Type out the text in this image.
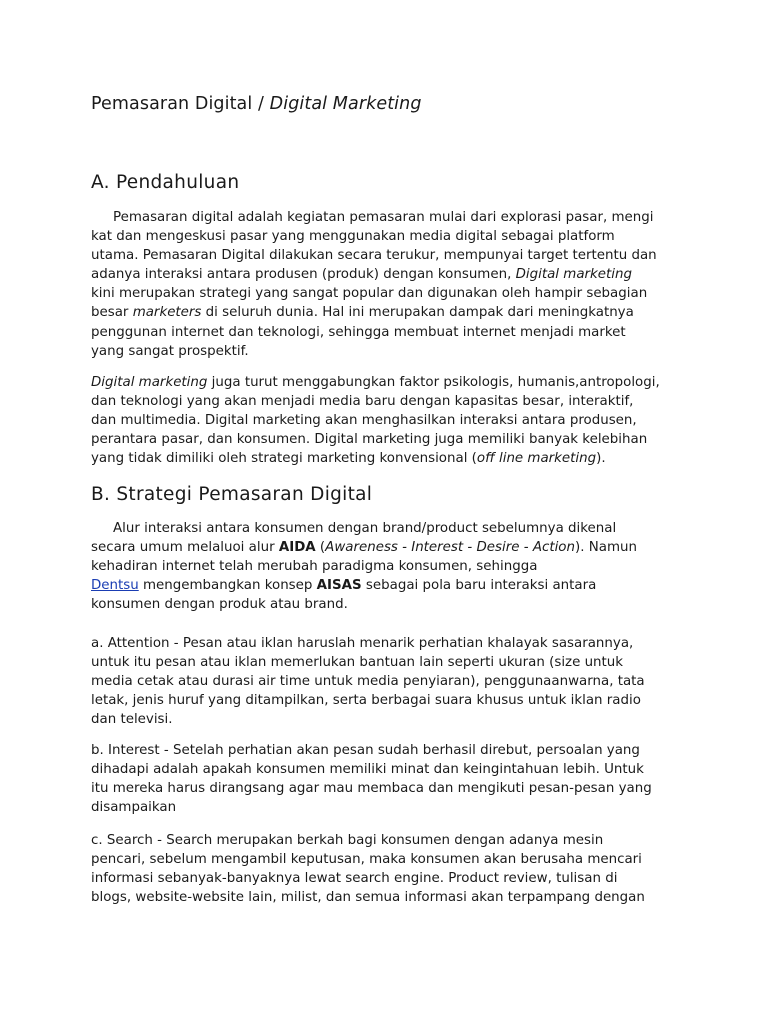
Pemasaran Digital / Digital Marketing
A. Pendahuluan
Pemasaran digital adalah kegiatan pemasaran mulai dari explorasi pasar, mengi
kat dan mengeskusi pasar yang menggunakan media digital sebagai platform
utama. Pemasaran Digital dilakukan secara terukur, mempunyai target tertentu dan
adanya interaksi antara produsen (produk) dengan konsumen, Digital marketing
kini merupakan strategi yang sangat popular dan digunakan oleh hampir sebagian
besar marketers di seluruh dunia. Hal ini merupakan dampak dari meningkatnya
penggunan internet dan teknologi, sehingga membuat internet menjadi market
yang sangat prospektif.
Digital marketing juga turut menggabungkan faktor psikologis, humanis,antropologi,
dan teknologi yang akan menjadi media baru dengan kapasitas besar, interaktif,
dan multimedia. Digital marketing akan menghasilkan interaksi antara produsen,
perantara pasar, dan konsumen. Digital marketing juga memiliki banyak kelebihan
yang tidak dimiliki oleh strategi marketing konvensional (off line marketing).
B. Strategi Pemasaran Digital
Alur interaksi antara konsumen dengan brand/product sebelumnya dikenal
secara umum melaluoi alur AIDA (Awareness - Interest - Desire - Action). Namun
kehadiran internet telah merubah paradigma konsumen, sehingga
Dentsu mengembangkan konsep AISAS sebagai pola baru interaksi antara
konsumen dengan produk atau brand.
a. Attention - Pesan atau iklan haruslah menarik perhatian khalayak sasarannya,
untuk itu pesan atau iklan memerlukan bantuan lain seperti ukuran (size untuk
media cetak atau durasi air time untuk media penyiaran), penggunaanwarna, tata
letak, jenis huruf yang ditampilkan, serta berbagai suara khusus untuk iklan radio
dan televisi.
b. Interest - Setelah perhatian akan pesan sudah berhasil direbut, persoalan yang
dihadapi adalah apakah konsumen memiliki minat dan keingintahuan lebih. Untuk
itu mereka harus dirangsang agar mau membaca dan mengikuti pesan-pesan yang
disampaikan
c. Search - Search merupakan berkah bagi konsumen dengan adanya mesin
pencari, sebelum mengambil keputusan, maka konsumen akan berusaha mencari
informasi sebanyak-banyaknya lewat search engine. Product review, tulisan di
blogs, website-website lain, milist, dan semua informasi akan terpampang dengan
